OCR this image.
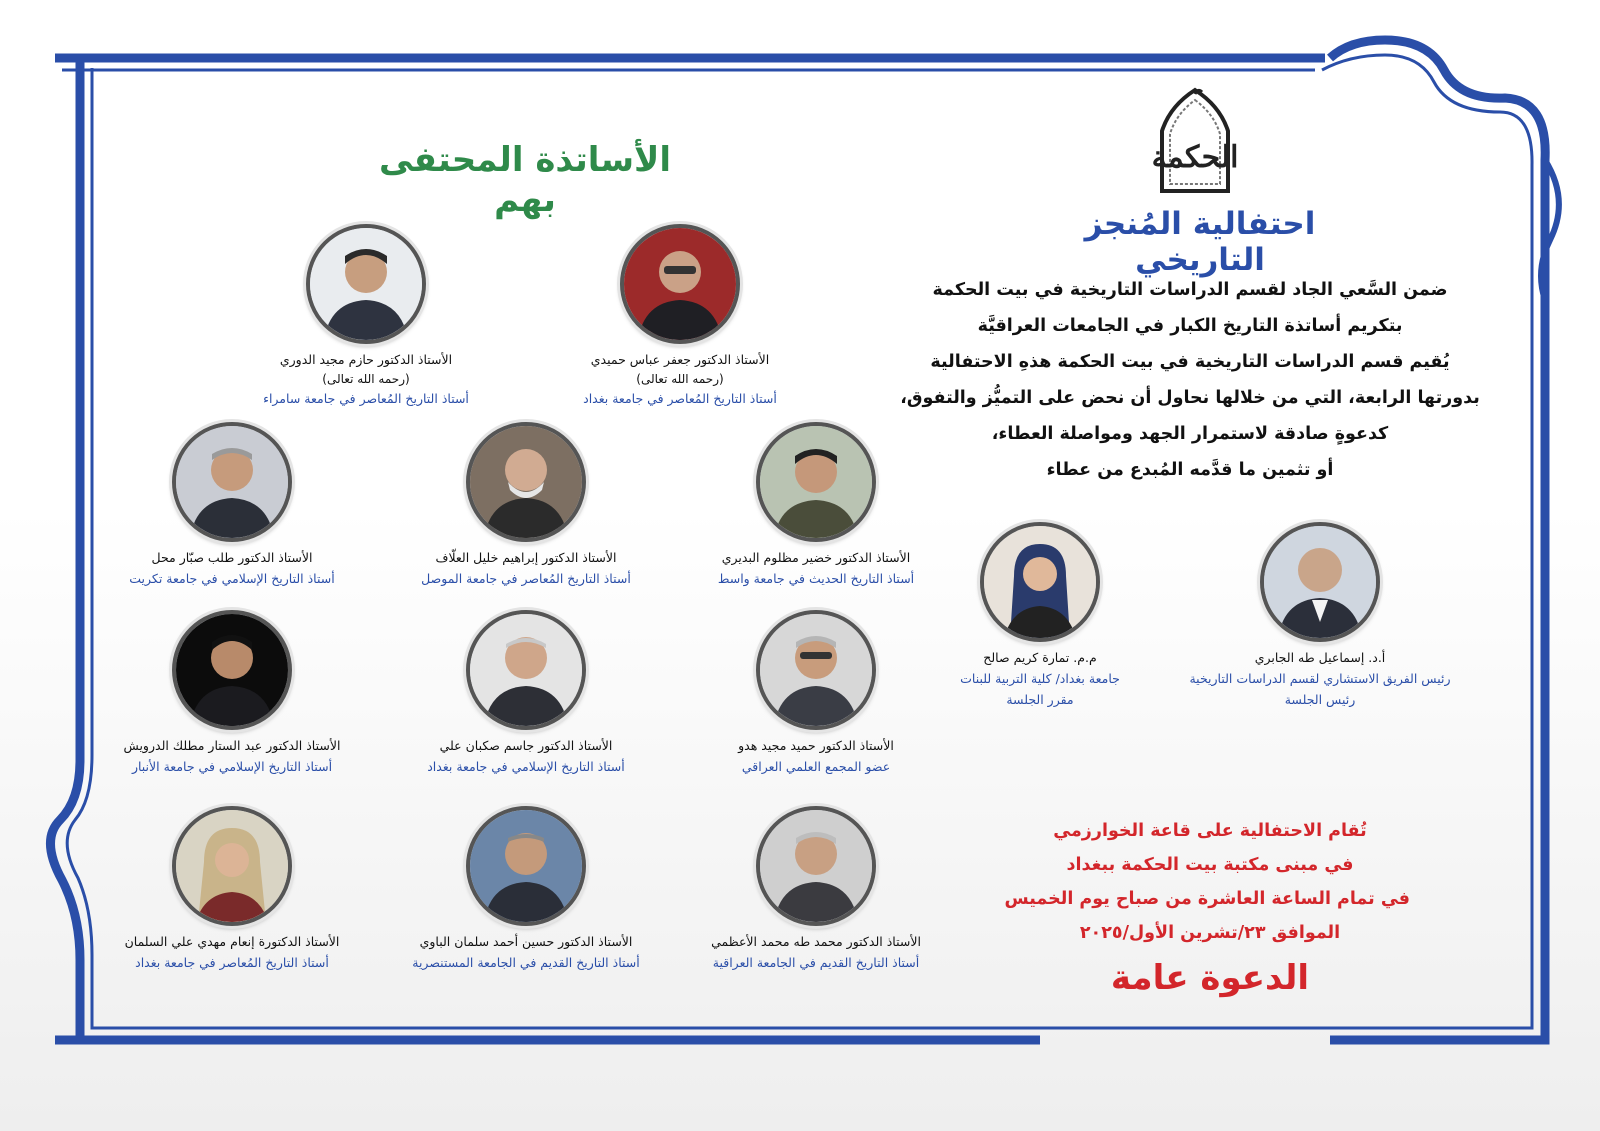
الحكمة
احتفالية المُنجز التاريخي
ضمن السَّعي الجاد لقسم الدراسات التاريخية في بيت الحكمة
بتكريم أساتذة التاريخ الكبار في الجامعات العراقيَّة
يُقيم قسم الدراسات التاريخية في بيت الحكمة هذهِ الاحتفالية
بدورتها الرابعة، التي من خلالها نحاول أن نحض على التميُّز والتفوق،
كدعوةٍ صادقة لاستمرار الجهد ومواصلة العطاء،
أو تثمين ما قدَّمه المُبدع من عطاء
الأساتذة المحتفى بهم
أ.د. إسماعيل طه الجابري
رئيس الفريق الاستشاري لقسم الدراسات التاريخية
رئيس الجلسة
م.م. تمارة كريم صالح
جامعة بغداد/ كلية التربية للبنات
مقرر الجلسة
الأستاذ الدكتور جعفر عباس حميدي
(رحمه الله تعالى)
أستاذ التاريخ المُعاصر في جامعة بغداد
الأستاذ الدكتور حازم مجيد الدوري
(رحمه الله تعالى)
أستاذ التاريخ المُعاصر في جامعة سامراء
الأستاذ الدكتور خضير مظلوم البديري
أستاذ التاريخ الحديث في جامعة واسط
الأستاذ الدكتور إبراهيم خليل العلّاف
أستاذ التاريخ المُعاصر في جامعة الموصل
الأستاذ الدكتور طلب صبّار محل
أستاذ التاريخ الإسلامي في جامعة تكريت
الأستاذ الدكتور حميد مجيد هدو
عضو المجمع العلمي العراقي
الأستاذ الدكتور جاسم صكبان علي
أستاذ التاريخ الإسلامي في جامعة بغداد
الأستاذ الدكتور عبد الستار مطلك الدرويش
أستاذ التاريخ الإسلامي في جامعة الأنبار
الأستاذ الدكتور محمد طه محمد الأعظمي
أستاذ التاريخ القديم في الجامعة العراقية
الأستاذ الدكتور حسين أحمد سلمان الباوي
أستاذ التاريخ القديم في الجامعة المستنصرية
الأستاذ الدكتورة إنعام مهدي علي السلمان
أستاذ التاريخ المُعاصر في جامعة بغداد
تُقام الاحتفالية على قاعة الخوارزمي
في مبنى مكتبة بيت الحكمة ببغداد
في تمام الساعة العاشرة من صباح يوم الخميس
الموافق ٢٣/تشرين الأول/٢٠٢٥
الدعوة عامة
